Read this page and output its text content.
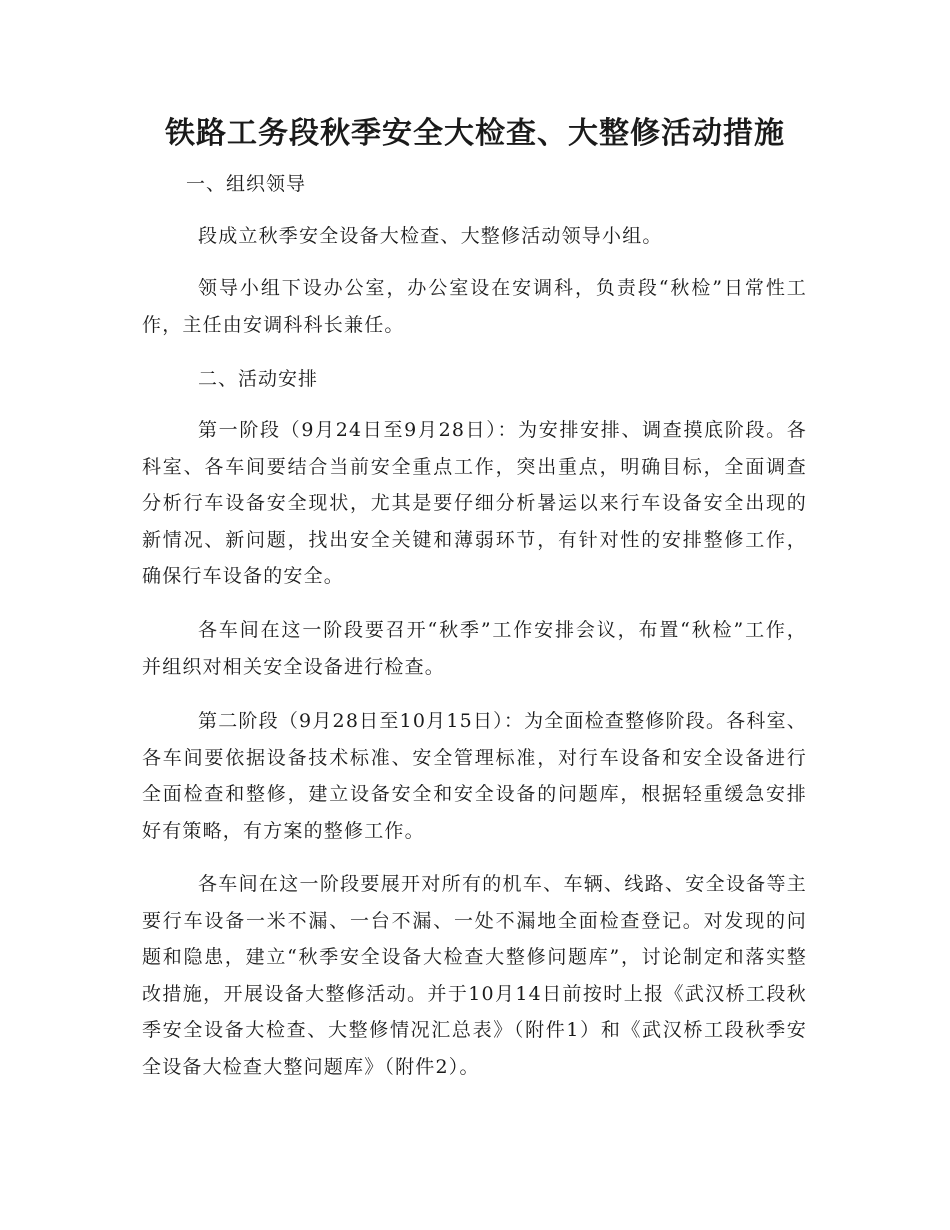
铁路工务段秋季安全大检查、大整修活动措施

一、组织领导

段成立秋季安全设备大检查、大整修活动领导小组。

领导小组下设办公室，办公室设在安调科，负责段“秋检”日常性工作，主任由安调科科长兼任。

二、活动安排

第一阶段（9月24日至9月28日）：为安排安排、调查摸底阶段。各科室、各车间要结合当前安全重点工作，突出重点，明确目标，全面调查分析行车设备安全现状，尤其是要仔细分析暑运以来行车设备安全出现的新情况、新问题，找出安全关键和薄弱环节，有针对性的安排整修工作，确保行车设备的安全。

各车间在这一阶段要召开“秋季”工作安排会议，布置“秋检”工作，并组织对相关安全设备进行检查。

第二阶段（9月28日至10月15日）：为全面检查整修阶段。各科室、各车间要依据设备技术标准、安全管理标准，对行车设备和安全设备进行全面检查和整修，建立设备安全和安全设备的问题库，根据轻重缓急安排好有策略，有方案的整修工作。

各车间在这一阶段要展开对所有的机车、车辆、线路、安全设备等主要行车设备一米不漏、一台不漏、一处不漏地全面检查登记。对发现的问题和隐患，建立“秋季安全设备大检查大整修问题库”，讨论制定和落实整改措施，开展设备大整修活动。并于10月14日前按时上报《武汉桥工段秋季安全设备大检查、大整修情况汇总表》（附件1）和《武汉桥工段秋季安全设备大检查大整问题库》（附件2）。
